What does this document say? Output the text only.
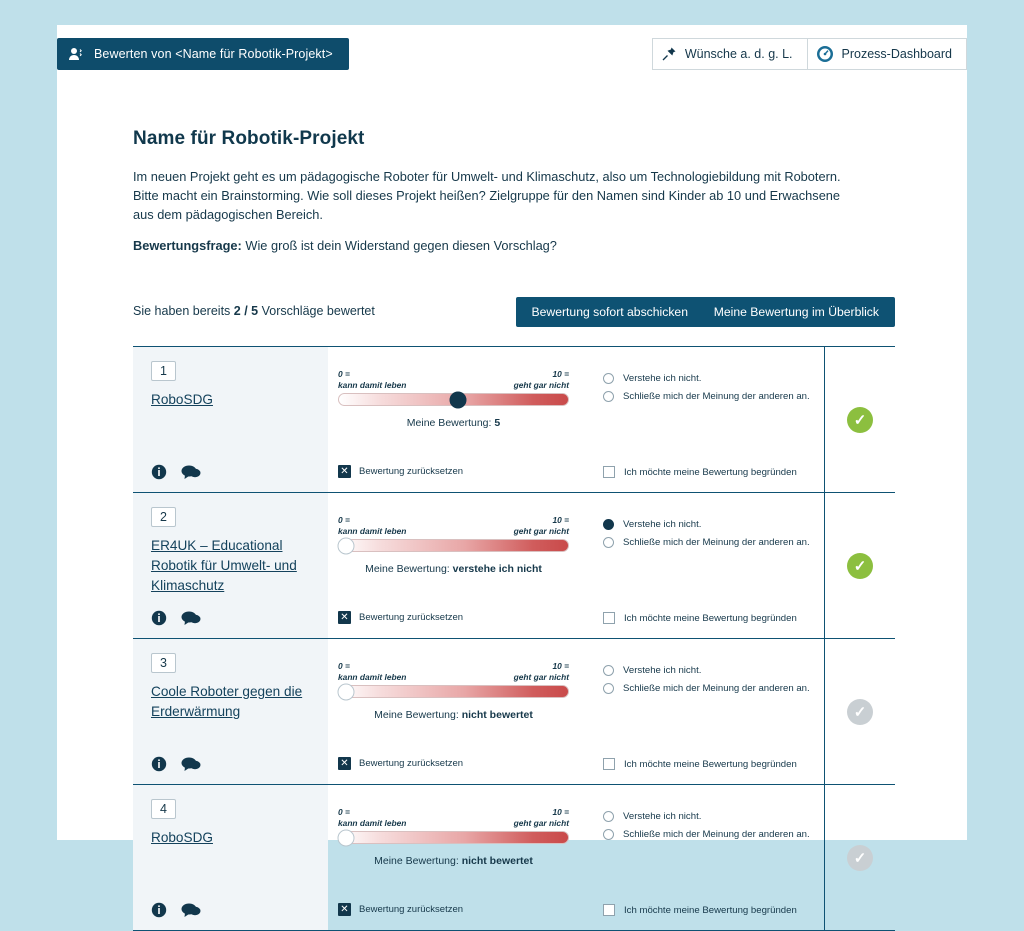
Bewerten von <Name für Robotik-Projekt>	Wünsche a. d. g. L.	Prozess-Dashboard
Name für Robotik-Projekt

Im neuen Projekt geht es um pädagogische Roboter für Umwelt- und Klimaschutz, also um Technologiebildung mit Robotern. Bitte macht ein Brainstorming. Wie soll dieses Projekt heißen? Zielgruppe für den Namen sind Kinder ab 10 und Erwachsene aus dem pädagogischen Bereich.

Bewertungsfrage: Wie groß ist dein Widerstand gegen diesen Vorschlag?

Sie haben bereits 2 / 5 Vorschläge bewertet	Bewertung sofort abschicken	Meine Bewertung im Überblick
1
RoboSDG
0 =
kann damit leben
10 =
geht gar nicht
Meine Bewertung: 5
✕ Bewertung zurücksetzen
Verstehe ich nicht.
Schließe mich der Meinung der anderen an.
Ich möchte meine Bewertung begründen
✓
2
ER4UK – Educational Robotik für Umwelt- und Klimaschutz
0 =
kann damit leben
10 =
geht gar nicht
Meine Bewertung: verstehe ich nicht
✕ Bewertung zurücksetzen
Verstehe ich nicht.
Schließe mich der Meinung der anderen an.
Ich möchte meine Bewertung begründen
✓
3
Coole Roboter gegen die Erderwärmung
0 =
kann damit leben
10 =
geht gar nicht
Meine Bewertung: nicht bewertet
✕ Bewertung zurücksetzen
Verstehe ich nicht.
Schließe mich der Meinung der anderen an.
Ich möchte meine Bewertung begründen
✓
4
RoboSDG
0 =
kann damit leben
10 =
geht gar nicht
Meine Bewertung: nicht bewertet
✕ Bewertung zurücksetzen
Verstehe ich nicht.
Schließe mich der Meinung der anderen an.
Ich möchte meine Bewertung begründen
✓
